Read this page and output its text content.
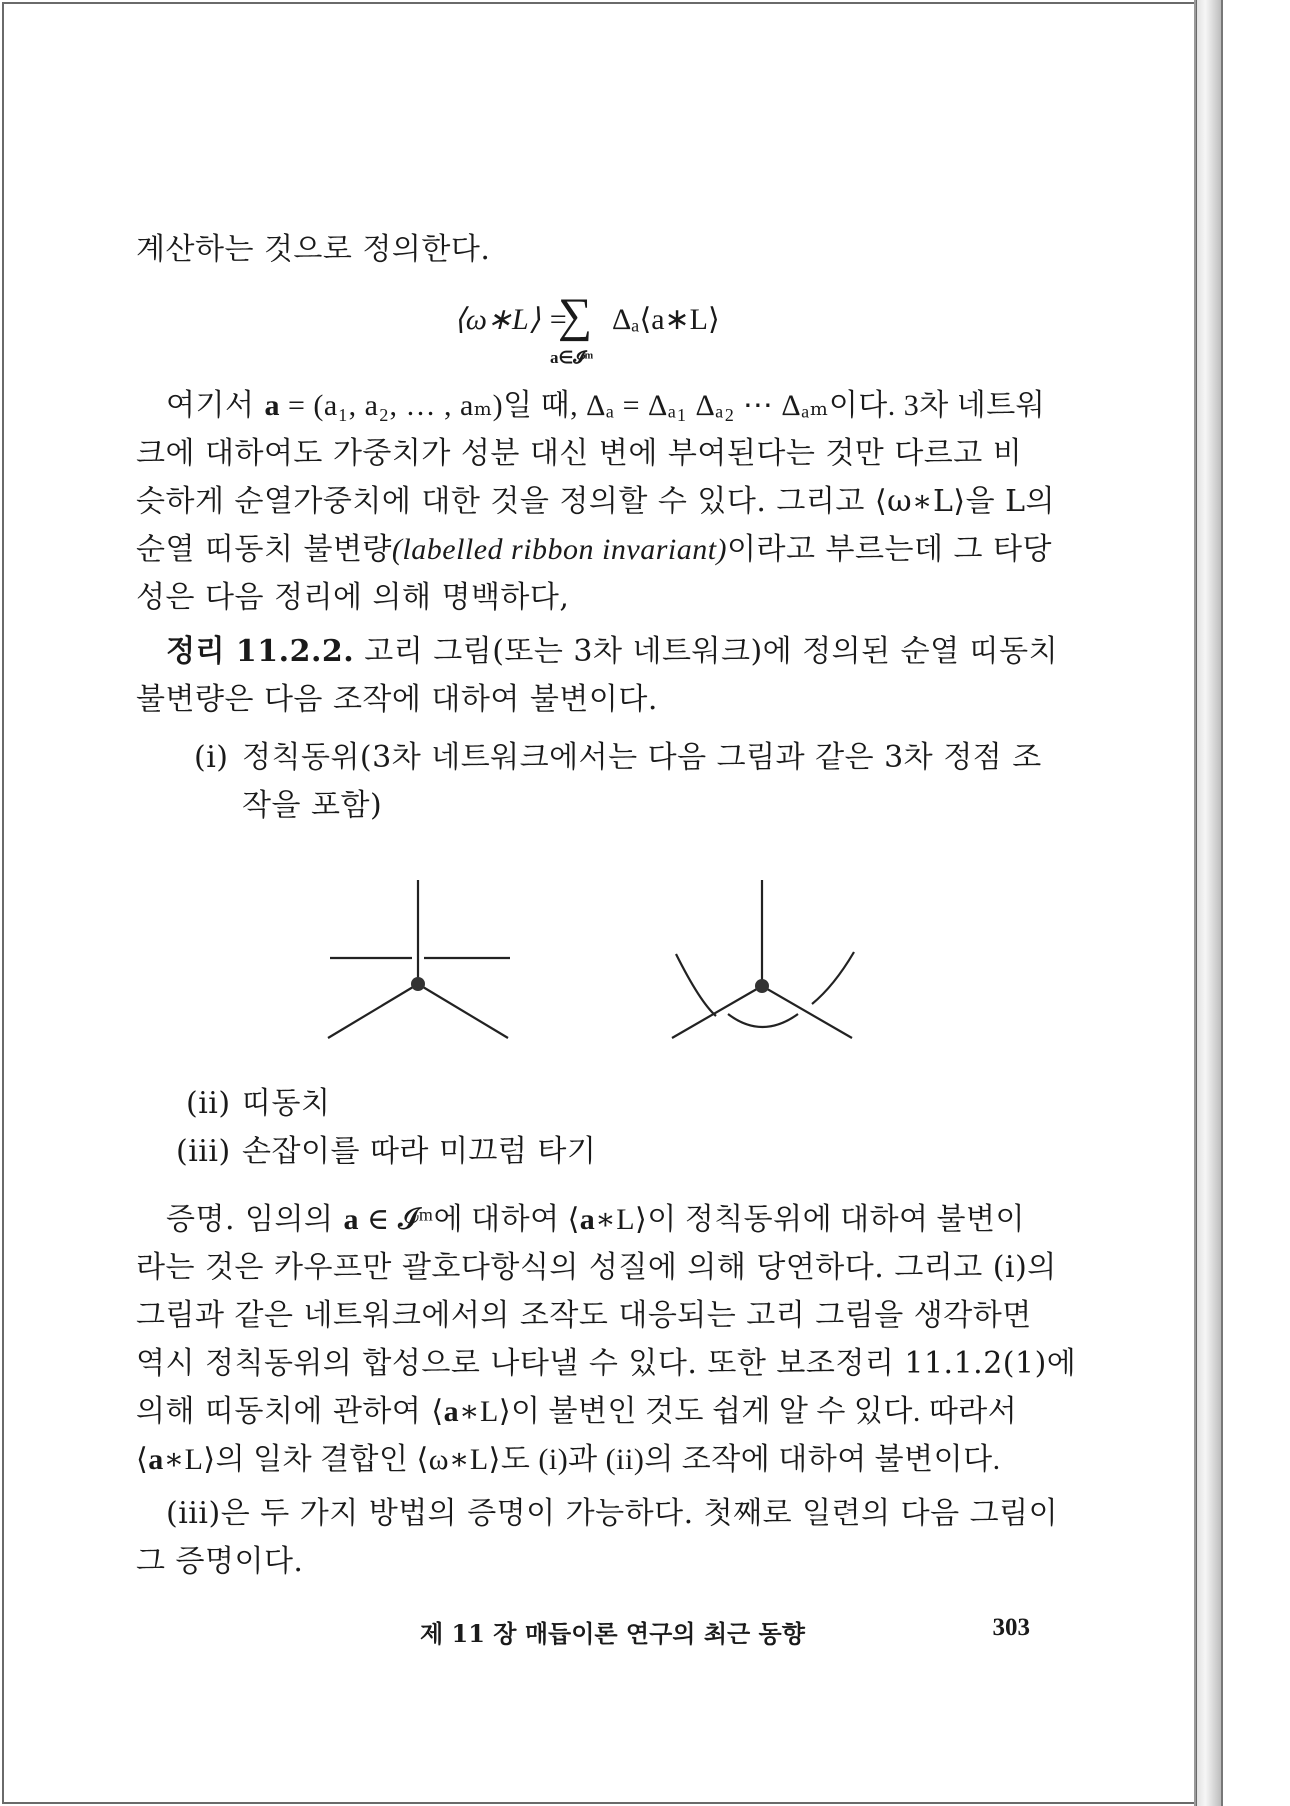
계산하는 것으로 정의한다.
⟨ω∗L⟩ =
∑
a∈𝓘ᵐ
Δₐ⟨a∗L⟩
여기서 a = (a₁, a₂, … , aₘ)일 때, Δₐ = Δₐ₁ Δₐ₂ ⋯ Δₐₘ이다. 3차 네트워
크에 대하여도 가중치가 성분 대신 변에 부여된다는 것만 다르고 비
슷하게 순열가중치에 대한 것을 정의할 수 있다. 그리고 ⟨ω∗L⟩을 L의
순열 띠동치 불변량(labelled ribbon invariant)이라고 부르는데 그 타당
성은 다음 정리에 의해 명백하다,
정리 11.2.2. 고리 그림(또는 3차 네트워크)에 정의된 순열 띠동치
불변량은 다음 조작에 대하여 불변이다.
(i) 정칙동위(3차 네트워크에서는 다음 그림과 같은 3차 정점 조
작을 포함)
(ii) 띠동치
(iii) 손잡이를 따라 미끄럼 타기
증명. 임의의 a ∈ 𝓘ᵐ에 대하여 ⟨a∗L⟩이 정칙동위에 대하여 불변이
라는 것은 카우프만 괄호다항식의 성질에 의해 당연하다. 그리고 (i)의
그림과 같은 네트워크에서의 조작도 대응되는 고리 그림을 생각하면
역시 정칙동위의 합성으로 나타낼 수 있다. 또한 보조정리 11.1.2(1)에
의해 띠동치에 관하여 ⟨a∗L⟩이 불변인 것도 쉽게 알 수 있다. 따라서
⟨a∗L⟩의 일차 결합인 ⟨ω∗L⟩도 (i)과 (ii)의 조작에 대하여 불변이다.
(iii)은 두 가지 방법의 증명이 가능하다. 첫째로 일련의 다음 그림이
그 증명이다.
제 11 장 매듭이론 연구의 최근 동향	303
